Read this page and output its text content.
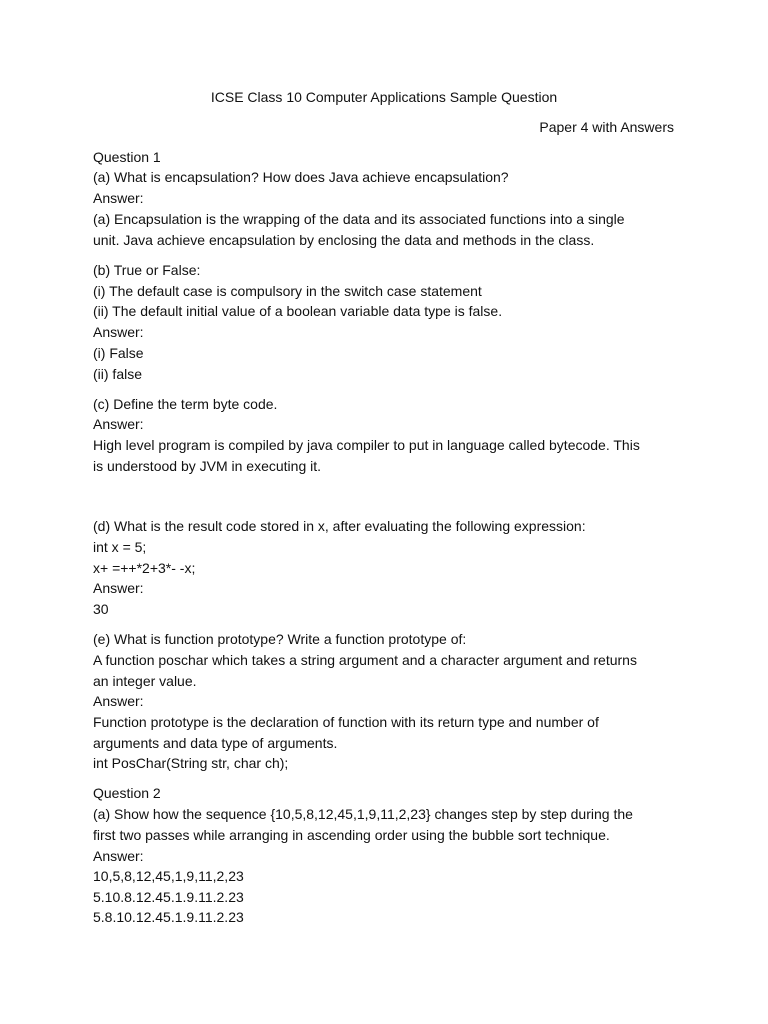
ICSE Class 10 Computer Applications Sample Question
Paper 4 with Answers
Question 1
(a) What is encapsulation? How does Java achieve encapsulation?
Answer:
(a) Encapsulation is the wrapping of the data and its associated functions into a single
unit. Java achieve encapsulation by enclosing the data and methods in the class.
(b) True or False:
(i) The default case is compulsory in the switch case statement
(ii) The default initial value of a boolean variable data type is false.
Answer:
(i) False
(ii) false
(c) Define the term byte code.
Answer:
High level program is compiled by java compiler to put in language called bytecode. This
is understood by JVM in executing it.
(d) What is the result code stored in x, after evaluating the following expression:
int x = 5;
x+ =++*2+3*- -x;
Answer:
30
(e) What is function prototype? Write a function prototype of:
A function poschar which takes a string argument and a character argument and returns
an integer value.
Answer:
Function prototype is the declaration of function with its return type and number of
arguments and data type of arguments.
int PosChar(String str, char ch);
Question 2
(a) Show how the sequence {10,5,8,12,45,1,9,11,2,23} changes step by step during the
first two passes while arranging in ascending order using the bubble sort technique.
Answer:
10,5,8,12,45,1,9,11,2,23
5.10.8.12.45.1.9.11.2.23
5.8.10.12.45.1.9.11.2.23
